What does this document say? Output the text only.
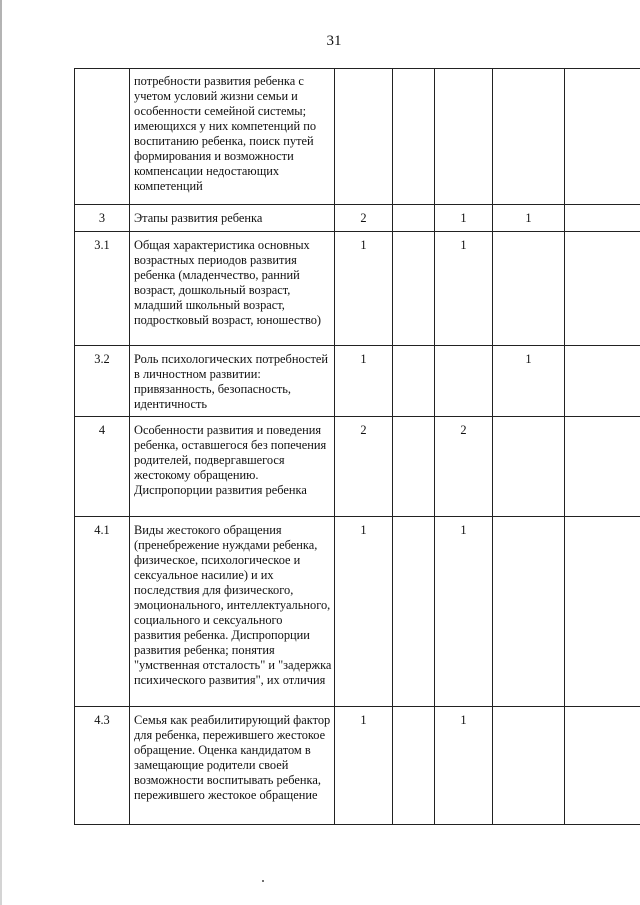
31
	потребности развития ребенка с учетом условий жизни семьи и особенности семейной системы; имеющихся у них компетенций по воспитанию ребенка, поиск путей формирования и возможности компенсации недостающих компетенций					
3	Этапы развития ребенка	2		1	1	
3.1	Общая характеристика основных возрастных периодов развития ребенка (младенчество, ранний возраст, дошкольный возраст, младший школьный возраст, подростковый возраст, юношество)	1		1		
3.2	Роль психологических потребностей в личностном развитии: привязанность, безопасность, идентичность	1			1	
4	Особенности развития и поведения ребенка, оставшегося без попечения родителей, подвергавшегося жестокому обращению.
Диспропорции развития ребенка	2		2		
4.1	Виды жестокого обращения (пренебрежение нуждами ребенка, физическое, психологическое и сексуальное насилие) и их последствия для физического, эмоционального, интеллектуального, социального и сексуального развития ребенка. Диспропорции развития ребенка; понятия "умственная отсталость" и "задержка психического развития", их отличия	1		1		
4.3	Семья как реабилитирующий фактор для ребенка, пережившего жестокое обращение. Оценка кандидатом в замещающие родители своей возможности воспитывать ребенка, пережившего жестокое обращение	1		1		
